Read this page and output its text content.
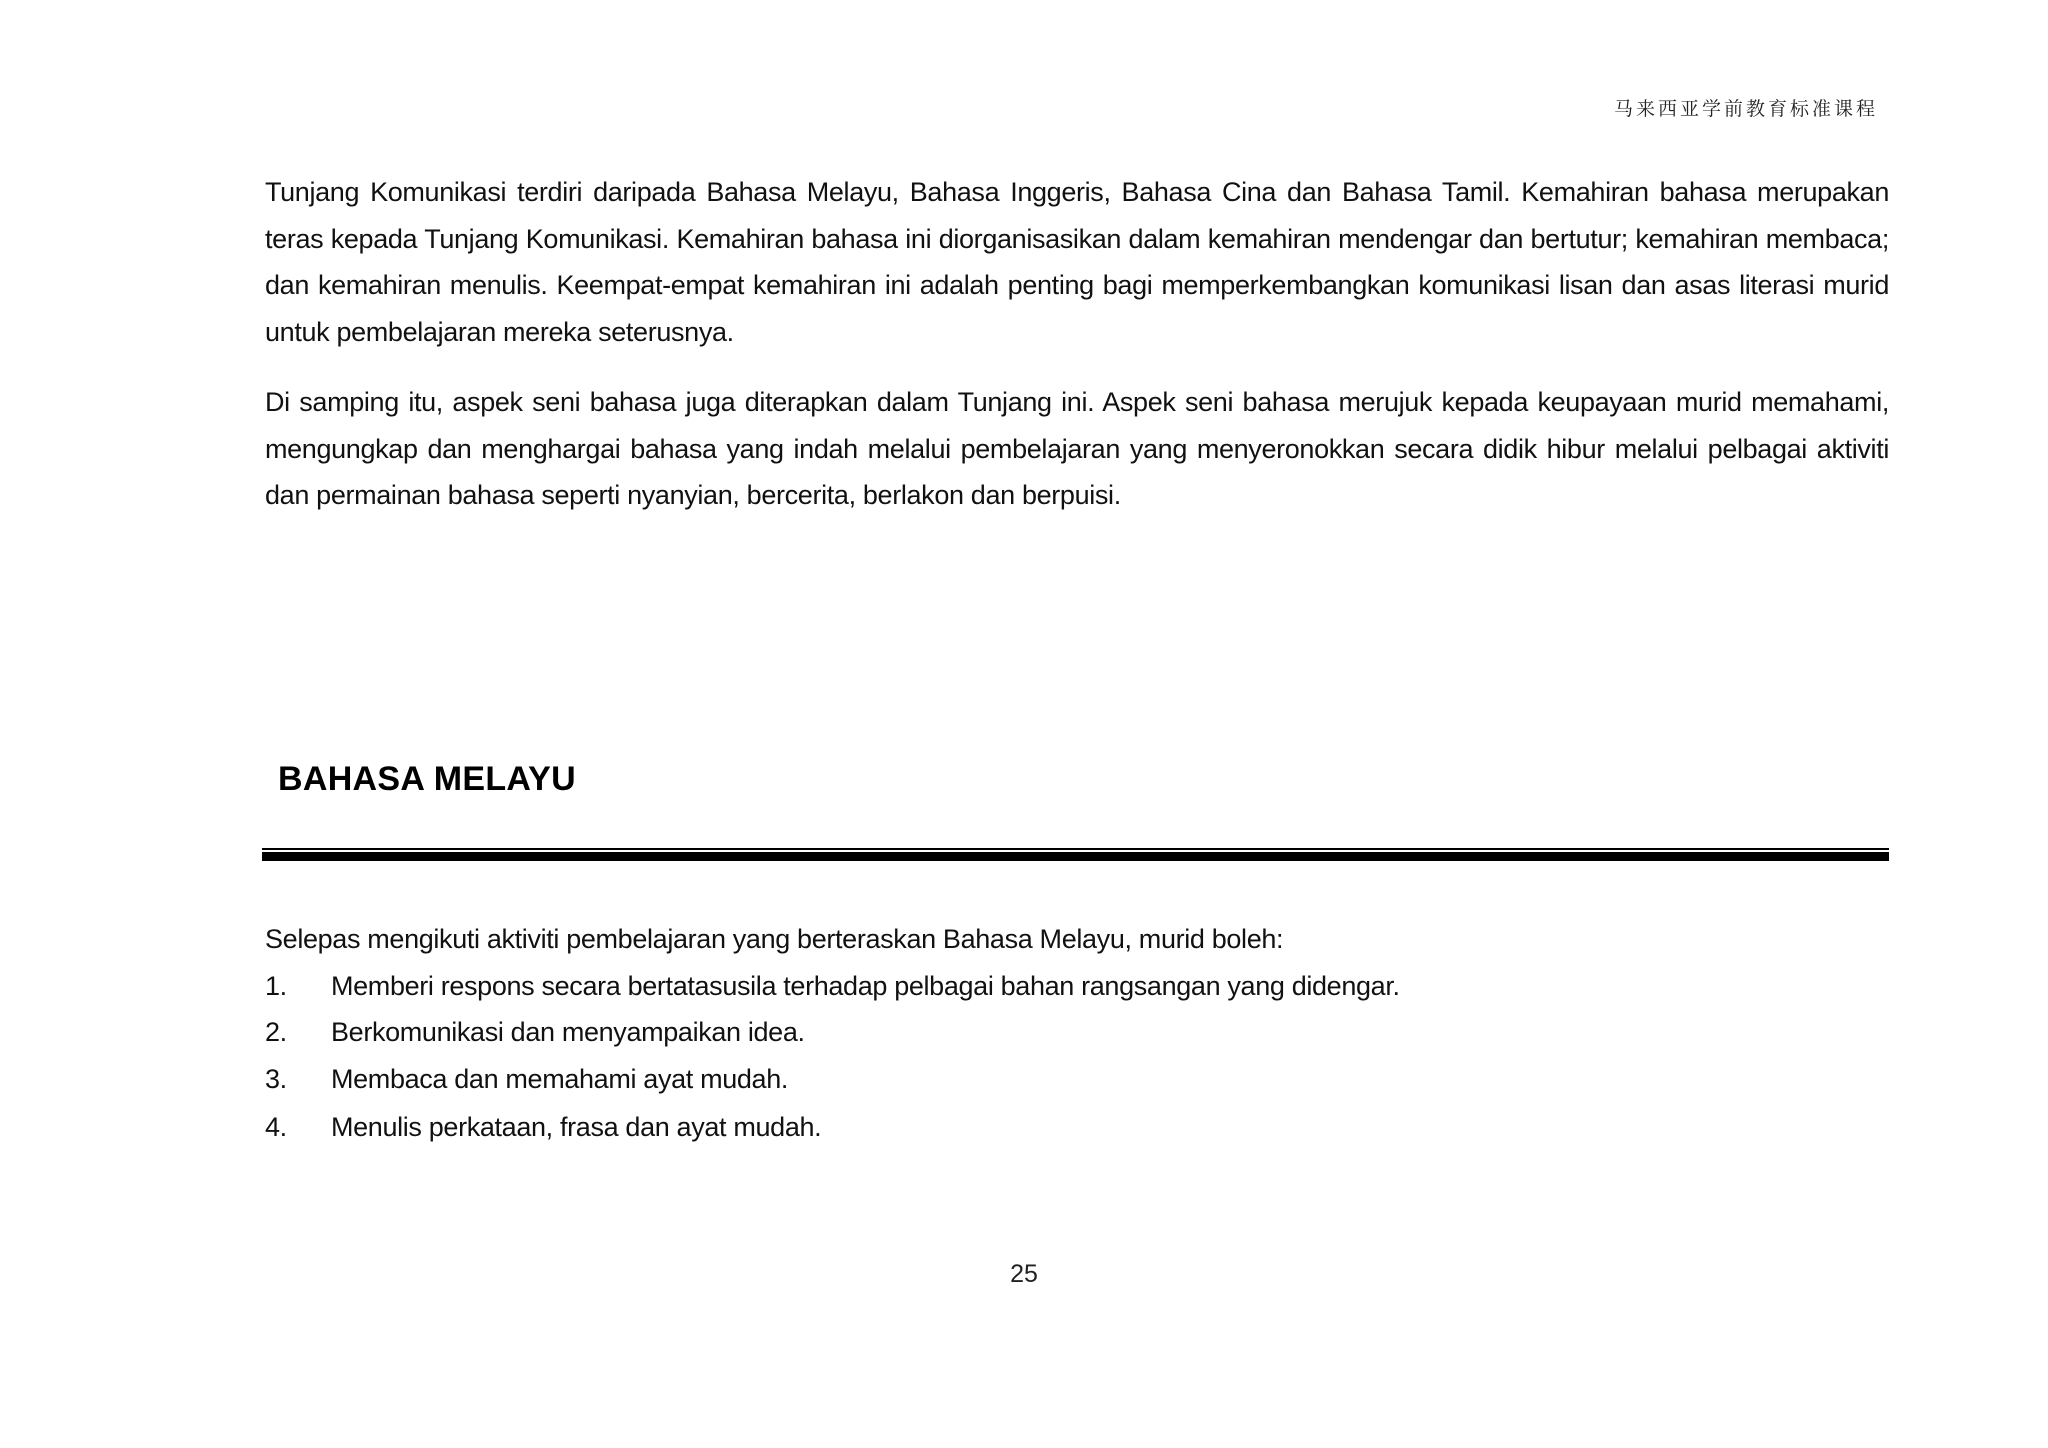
马来西亚学前教育标准课程

Tunjang Komunikasi terdiri daripada Bahasa Melayu, Bahasa Inggeris, Bahasa Cina dan Bahasa Tamil. Kemahiran bahasa merupakan teras kepada Tunjang Komunikasi. Kemahiran bahasa ini diorganisasikan dalam kemahiran mendengar dan bertutur; kemahiran membaca; dan kemahiran menulis. Keempat-empat kemahiran ini adalah penting bagi memperkembangkan komunikasi lisan dan asas literasi murid untuk pembelajaran mereka seterusnya.

Di samping itu, aspek seni bahasa juga diterapkan dalam Tunjang ini. Aspek seni bahasa merujuk kepada keupayaan murid memahami, mengungkap dan menghargai bahasa yang indah melalui pembelajaran yang menyeronokkan secara didik hibur melalui pelbagai aktiviti dan permainan bahasa seperti nyanyian, bercerita, berlakon dan berpuisi.

BAHASA MELAYU

Selepas mengikuti aktiviti pembelajaran yang berteraskan Bahasa Melayu, murid boleh:

1.	Memberi respons secara bertatasusila terhadap pelbagai bahan rangsangan yang didengar.
2.	Berkomunikasi dan menyampaikan idea.
3.	Membaca dan memahami ayat mudah.
4.	Menulis perkataan, frasa dan ayat mudah.
25
